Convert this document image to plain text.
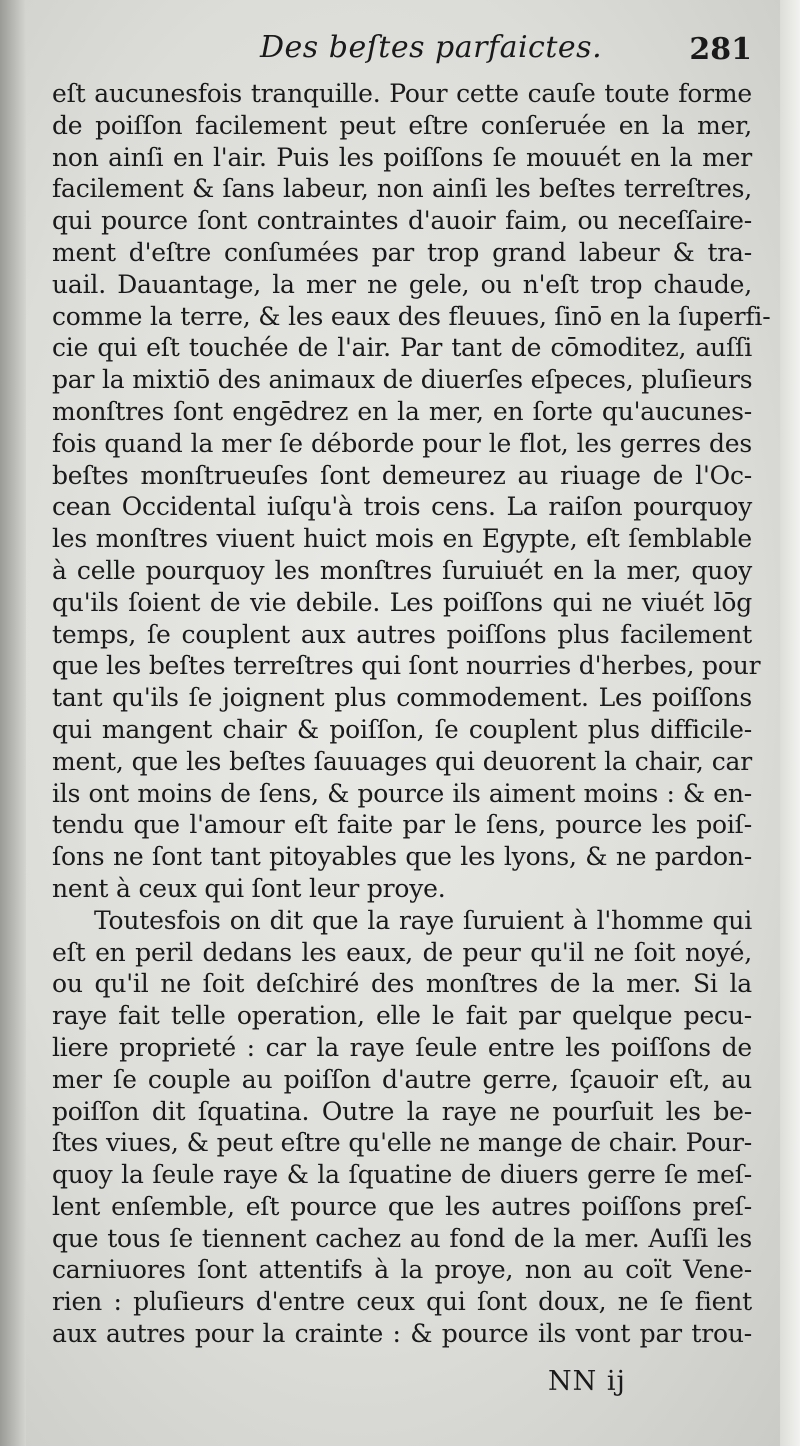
Des beſtes parfaictes.	281
eſt aucunesfois tranquille. Pour cette cauſe toute forme
de poiſſon facilement peut eſtre conſeruée en la mer,
non ainſi en l'air. Puis les poiſſons ſe mouuét en la mer
facilement & ſans labeur, non ainſi les beſtes terreſtres,
qui pource ſont contraintes d'auoir faim, ou neceſſaire-
ment d'eſtre conſumées par trop grand labeur & tra-
uail. Dauantage, la mer ne gele, ou n'eſt trop chaude,
comme la terre, & les eaux des fleuues, ſinō en la ſuperfi-
cie qui eſt touchée de l'air. Par tant de cōmoditez, auſſi
par la mixtiō des animaux de diuerſes eſpeces, pluſieurs
monſtres ſont engēdrez en la mer, en ſorte qu'aucunes-
fois quand la mer ſe déborde pour le flot, les gerres des
beſtes monſtrueuſes ſont demeurez au riuage de l'Oc-
cean Occidental iuſqu'à trois cens. La raiſon pourquoy
les monſtres viuent huict mois en Egypte, eſt ſemblable
à celle pourquoy les monſtres ſuruiuét en la mer, quoy
qu'ils ſoient de vie debile. Les poiſſons qui ne viuét lōg
temps, ſe couplent aux autres poiſſons plus facilement
que les beſtes terreſtres qui ſont nourries d'herbes, pour
tant qu'ils ſe joignent plus commodement. Les poiſſons
qui mangent chair & poiſſon, ſe couplent plus difficile-
ment, que les beſtes ſauuages qui deuorent la chair, car
ils ont moins de ſens, & pource ils aiment moins : & en-
tendu que l'amour eſt faite par le ſens, pource les poiſ-
ſons ne ſont tant pitoyables que les lyons, & ne pardon-
nent à ceux qui ſont leur proye.
Toutesfois on dit que la raye ſuruient à l'homme qui
eſt en peril dedans les eaux, de peur qu'il ne ſoit noyé,
ou qu'il ne ſoit deſchiré des monſtres de la mer. Si la
raye fait telle operation, elle le fait par quelque pecu-
liere proprieté : car la raye ſeule entre les poiſſons de
mer ſe couple au poiſſon d'autre gerre, ſçauoir eſt, au
poiſſon dit ſquatina. Outre la raye ne pourſuit les be-
ſtes viues, & peut eſtre qu'elle ne mange de chair. Pour-
quoy la ſeule raye & la ſquatine de diuers gerre ſe meſ-
lent enſemble, eſt pource que les autres poiſſons preſ-
que tous ſe tiennent cachez au fond de la mer. Auſſi les
carniuores ſont attentifs à la proye, non au coït Vene-
rien : pluſieurs d'entre ceux qui ſont doux, ne ſe fient
aux autres pour la crainte : & pource ils vont par trou-
NN ij
